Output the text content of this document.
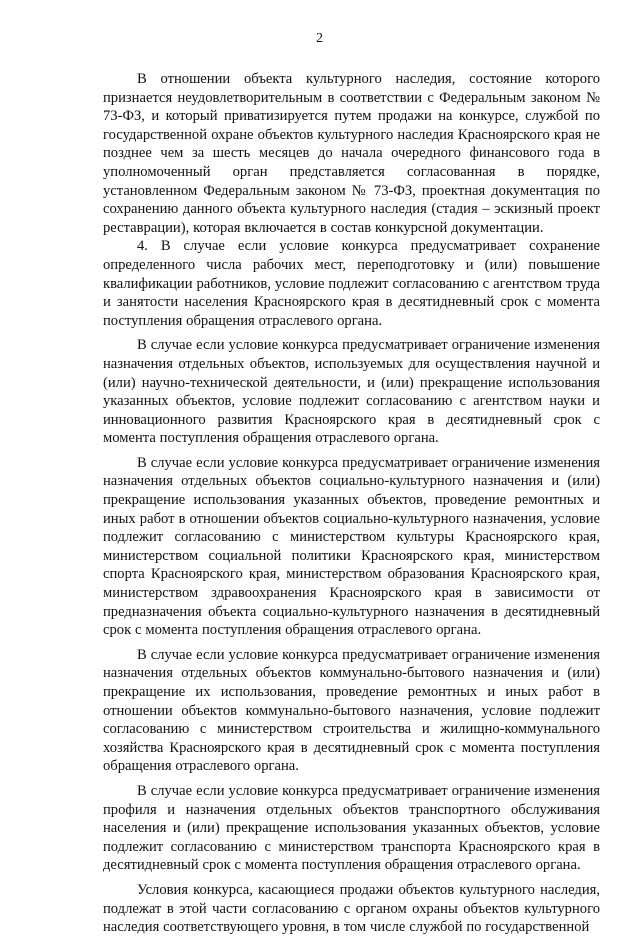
2

В отношении объекта культурного наследия, состояние которого признается неудовлетворительным в соответствии с Федеральным законом № 73-ФЗ, и который приватизируется путем продажи на конкурсе, службой по государственной охране объектов культурного наследия Красноярского края не позднее чем за шесть месяцев до начала очередного финансового года в уполномоченный орган представляется согласованная в порядке, установленном Федеральным законом № 73-ФЗ, проектная документация по сохранению данного объекта культурного наследия (стадия – эскизный проект реставрации), которая включается в состав конкурсной документации.

4. В случае если условие конкурса предусматривает сохранение определенного числа рабочих мест, переподготовку и (или) повышение квалификации работников, условие подлежит согласованию с агентством труда и занятости населения Красноярского края в десятидневный срок с момента поступления обращения отраслевого органа.

В случае если условие конкурса предусматривает ограничение изменения назначения отдельных объектов, используемых для осуществления научной и (или) научно-технической деятельности, и (или) прекращение использования указанных объектов, условие подлежит согласованию с агентством науки и инновационного развития Красноярского края в десятидневный срок с момента поступления обращения отраслевого органа.

В случае если условие конкурса предусматривает ограничение изменения назначения отдельных объектов социально-культурного назначения и (или) прекращение использования указанных объектов, проведение ремонтных и иных работ в отношении объектов социально-культурного назначения, условие подлежит согласованию с министерством культуры Красноярского края, министерством социальной политики Красноярского края, министерством спорта Красноярского края, министерством образования Красноярского края, министерством здравоохранения Красноярского края в зависимости от предназначения объекта социально-культурного назначения в десятидневный срок с момента поступления обращения отраслевого органа.

В случае если условие конкурса предусматривает ограничение изменения назначения отдельных объектов коммунально-бытового назначения и (или) прекращение их использования, проведение ремонтных и иных работ в отношении объектов коммунально-бытового назначения, условие подлежит согласованию с министерством строительства и жилищно-коммунального хозяйства Красноярского края в десятидневный срок с момента поступления обращения отраслевого органа.

В случае если условие конкурса предусматривает ограничение изменения профиля и назначения отдельных объектов транспортного обслуживания населения и (или) прекращение использования указанных объектов, условие подлежит согласованию с министерством транспорта Красноярского края в десятидневный срок с момента поступления обращения отраслевого органа.

Условия конкурса, касающиеся продажи объектов культурного наследия, подлежат в этой части согласованию с органом охраны объектов культурного наследия соответствующего уровня, в том числе службой по государственной
